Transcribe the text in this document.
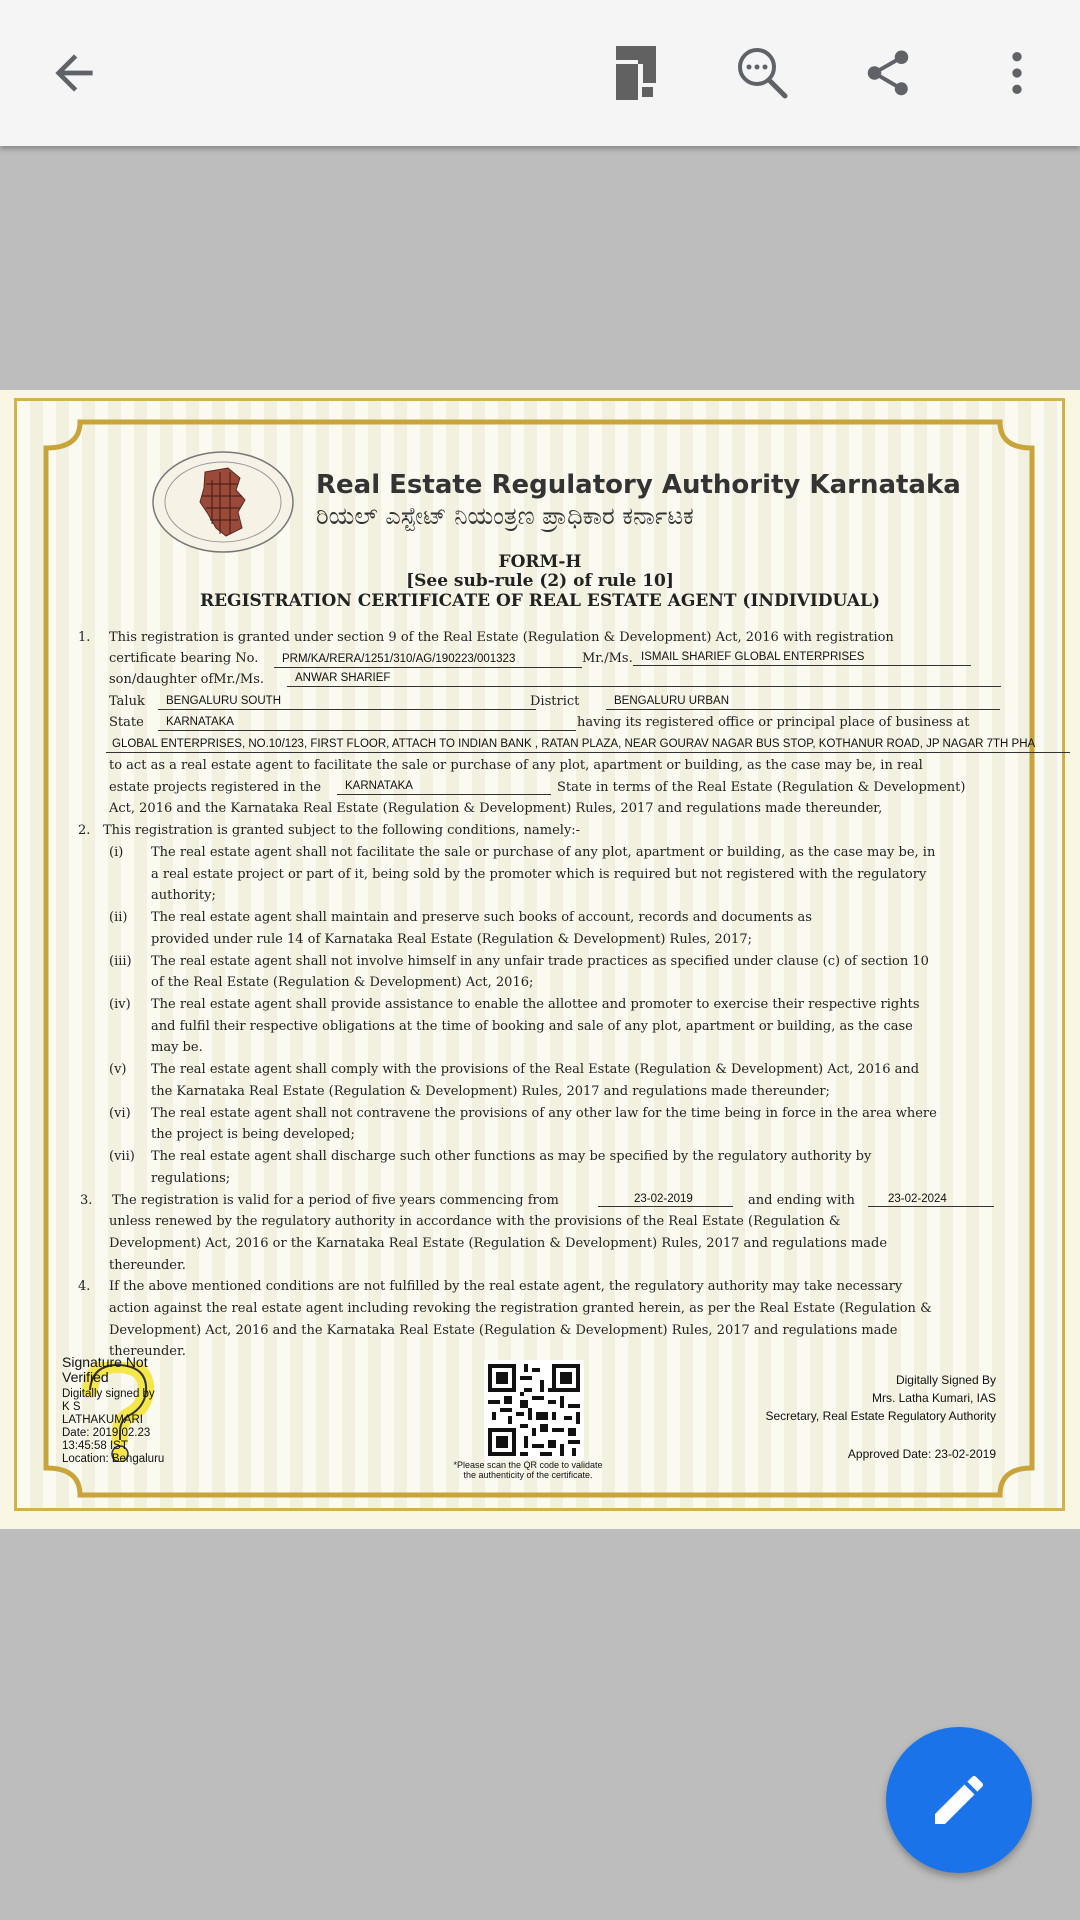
Real Estate Regulatory Authority Karnataka
ರಿಯಲ್ ಎಸ್ಟೇಟ್ ನಿಯಂತ್ರಣ ಪ್ರಾಧಿಕಾರ ಕರ್ನಾಟಕ
FORM-H
[See sub-rule (2) of rule 10]
REGISTRATION CERTIFICATE OF REAL ESTATE AGENT (INDIVIDUAL)
1. This registration is granted under section 9 of the Real Estate (Regulation & Development) Act, 2016 with registration
certificate bearing No.	PRM/KA/RERA/1251/310/AG/190223/001323	Mr./Ms. ISMAIL SHARIEF GLOBAL ENTERPRISES
son/daughter ofMr./Ms.	ANWAR SHARIEF
Taluk	BENGALURU SOUTH	District	BENGALURU URBAN
State	KARNATAKA	having its registered office or principal place of business at
GLOBAL ENTERPRISES, NO.10/123, FIRST FLOOR, ATTACH TO INDIAN BANK , RATAN PLAZA, NEAR GOURAV NAGAR BUS STOP, KOTHANUR ROAD, JP NAGAR 7TH PHA
to act as a real estate agent to facilitate the sale or purchase of any plot, apartment or building, as the case may be, in real
estate projects registered in the	KARNATAKA	State in terms of the Real Estate (Regulation & Development)
Act, 2016 and the Karnataka Real Estate (Regulation & Development) Rules, 2017 and regulations made thereunder,
2. This registration is granted subject to the following conditions, namely:-
(i) The real estate agent shall not facilitate the sale or purchase of any plot, apartment or building, as the case may be, in
a real estate project or part of it, being sold by the promoter which is required but not registered with the regulatory
authority;
(ii) The real estate agent shall maintain and preserve such books of account, records and documents as
provided under rule 14 of Karnataka Real Estate (Regulation & Development) Rules, 2017;
(iii) The real estate agent shall not involve himself in any unfair trade practices as specified under clause (c) of section 10
of the Real Estate (Regulation & Development) Act, 2016;
(iv) The real estate agent shall provide assistance to enable the allottee and promoter to exercise their respective rights
and fulfil their respective obligations at the time of booking and sale of any plot, apartment or building, as the case
may be.
(v) The real estate agent shall comply with the provisions of the Real Estate (Regulation & Development) Act, 2016 and
the Karnataka Real Estate (Regulation & Development) Rules, 2017 and regulations made thereunder;
(vi) The real estate agent shall not contravene the provisions of any other law for the time being in force in the area where
the project is being developed;
(vii) The real estate agent shall discharge such other functions as may be specified by the regulatory authority by
regulations;
3. The registration is valid for a period of five years commencing from	23-02-2019	and ending with	23-02-2024
unless renewed by the regulatory authority in accordance with the provisions of the Real Estate (Regulation &
Development) Act, 2016 or the Karnataka Real Estate (Regulation & Development) Rules, 2017 and regulations made
thereunder.
4. If the above mentioned conditions are not fulfilled by the real estate agent, the regulatory authority may take necessary
action against the real estate agent including revoking the registration granted herein, as per the Real Estate (Regulation &
Development) Act, 2016 and the Karnataka Real Estate (Regulation & Development) Rules, 2017 and regulations made
thereunder.
Signature Not
Verified
Digitally signed by
K S
LATHAKUMARI
Date: 2019.02.23
13:45:58 IST
Location: Bengaluru	*Please scan the QR code to validate
the authenticity of the certificate.
Digitally Signed By
Mrs. Latha Kumari, IAS
Secretary, Real Estate Regulatory Authority
Approved Date: 23-02-2019
